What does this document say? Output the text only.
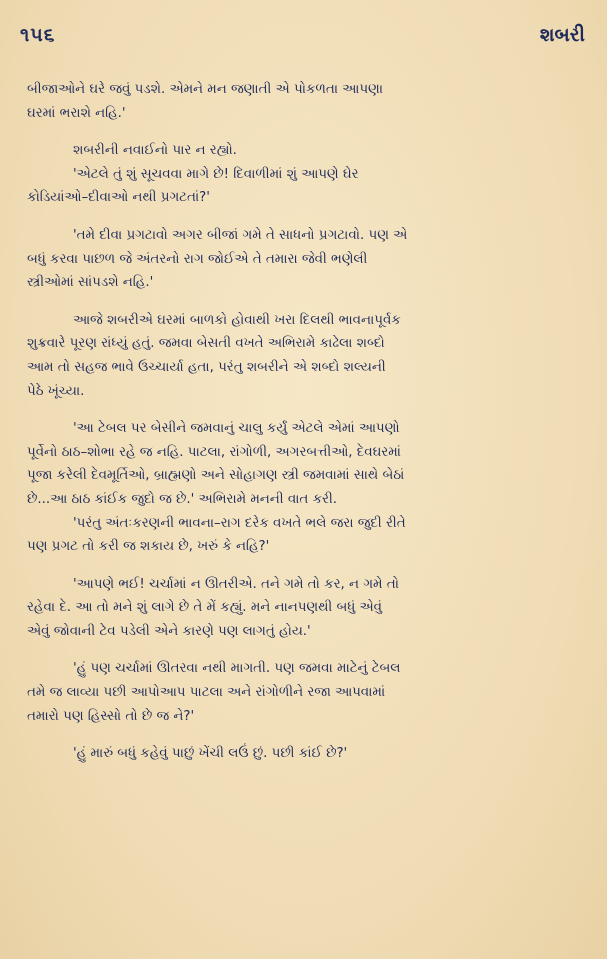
૧૫૬	શબરી
બીજાઓને ઘરે જવું પડશે. એમને મન જણાતી એ પોકળતા આપણા
ઘરમાં ભરાશે નહિ.'
શબરીની નવાઈનો પાર ન રહ્યો.
'એટલે તું શું સૂચવવા માગે છે! દિવાળીમાં શું આપણે ઘેર
કોડિયાંઓ–દીવાઓ નથી પ્રગટતાં?'
'તમે દીવા પ્રગટાવો અગર બીજાં ગમે તે સાધનો પ્રગટાવો. પણ એ
બધું કરવા પાછળ જે અંતરનો રાગ જોઈએ તે તમારા જેવી ભણેલી
સ્ત્રીઓમાં સાંપડશે નહિ.'
આજે શબરીએ ઘરમાં બાળકો હોવાથી ખરા દિલથી ભાવનાપૂર્વક
શુક્રવારે પૂરણ રાંધ્યું હતું. જમવા બેસતી વખતે અભિરામે કાઢેલા શબ્દો
આમ તો સહજ ભાવે ઉચ્ચાર્યા હતા, પરંતુ શબરીને એ શબ્દો શલ્યની
પેઠે ખૂંચ્યા.
'આ ટેબલ પર બેસીને જમવાનું ચાલુ કર્યું એટલે એમાં આપણો
પૂર્વેનો ઠાઠ–શોભા રહે જ નહિ. પાટલા, રાંગોળી, અગરબત્તીઓ, દેવઘરમાં
પૂજા કરેલી દેવમૂર્તિઓ, બ્રાહ્મણો અને સોહાગણ સ્ત્રી જમવામાં સાથે બેઠાં
છે...આ ઠાઠ કાંઈક જુદો જ છે.' અભિરામે મનની વાત કરી.
'પરંતુ અંતઃકરણની ભાવના–રાગ દરેક વખતે ભલે જરા જુદી રીતે
પણ પ્રગટ તો કરી જ શકાય છે, ખરું કે નહિ?'
'આપણે ભઈ! ચર્ચામાં ન ઊતરીએ. તને ગમે તો કર, ન ગમે તો
રહેવા દે. આ તો મને શું લાગે છે તે મેં કહ્યું. મને નાનપણથી બધું એવું
એવું જોવાની ટેવ પડેલી એને કારણે પણ લાગતું હોય.'
'હું પણ ચર્ચામાં ઊતરવા નથી માગતી. પણ જમવા માટેનું ટેબલ
તમે જ લાવ્યા પછી આપોઆપ પાટલા અને રાંગોળીને રજા આપવામાં
તમારો પણ હિસ્સો તો છે જ ને?'
'હું મારું બધું કહેવું પાછું ખેંચી લઉં છું. પછી કાંઈ છે?'
